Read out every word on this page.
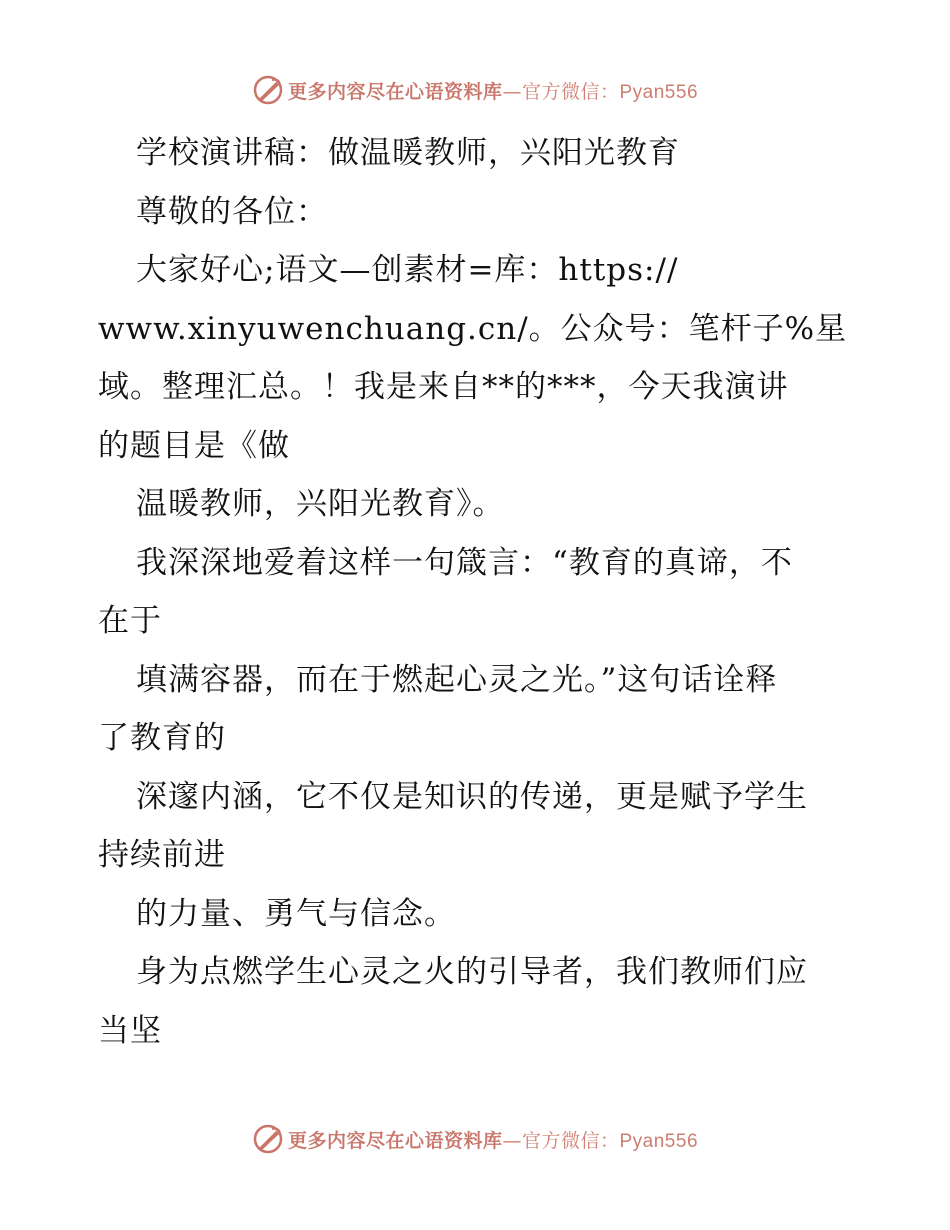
更多内容尽在心语资料库—官方微信：Pyan556
学校演讲稿：做温暖教师，兴阳光教育
尊敬的各位：
大家好心;语文—创素材=库：https://
www.xinyuwenchuang.cn/。公众号：笔杆子%星
域。整理汇总。！我是来自**的***，今天我演讲
的题目是《做
温暖教师，兴阳光教育》。
我深深地爱着这样一句箴言：“教育的真谛，不
在于
填满容器，而在于燃起心灵之光。”这句话诠释
了教育的
深邃内涵，它不仅是知识的传递，更是赋予学生
持续前进
的力量、勇气与信念。
身为点燃学生心灵之火的引导者，我们教师们应
当坚
更多内容尽在心语资料库—官方微信：Pyan556
